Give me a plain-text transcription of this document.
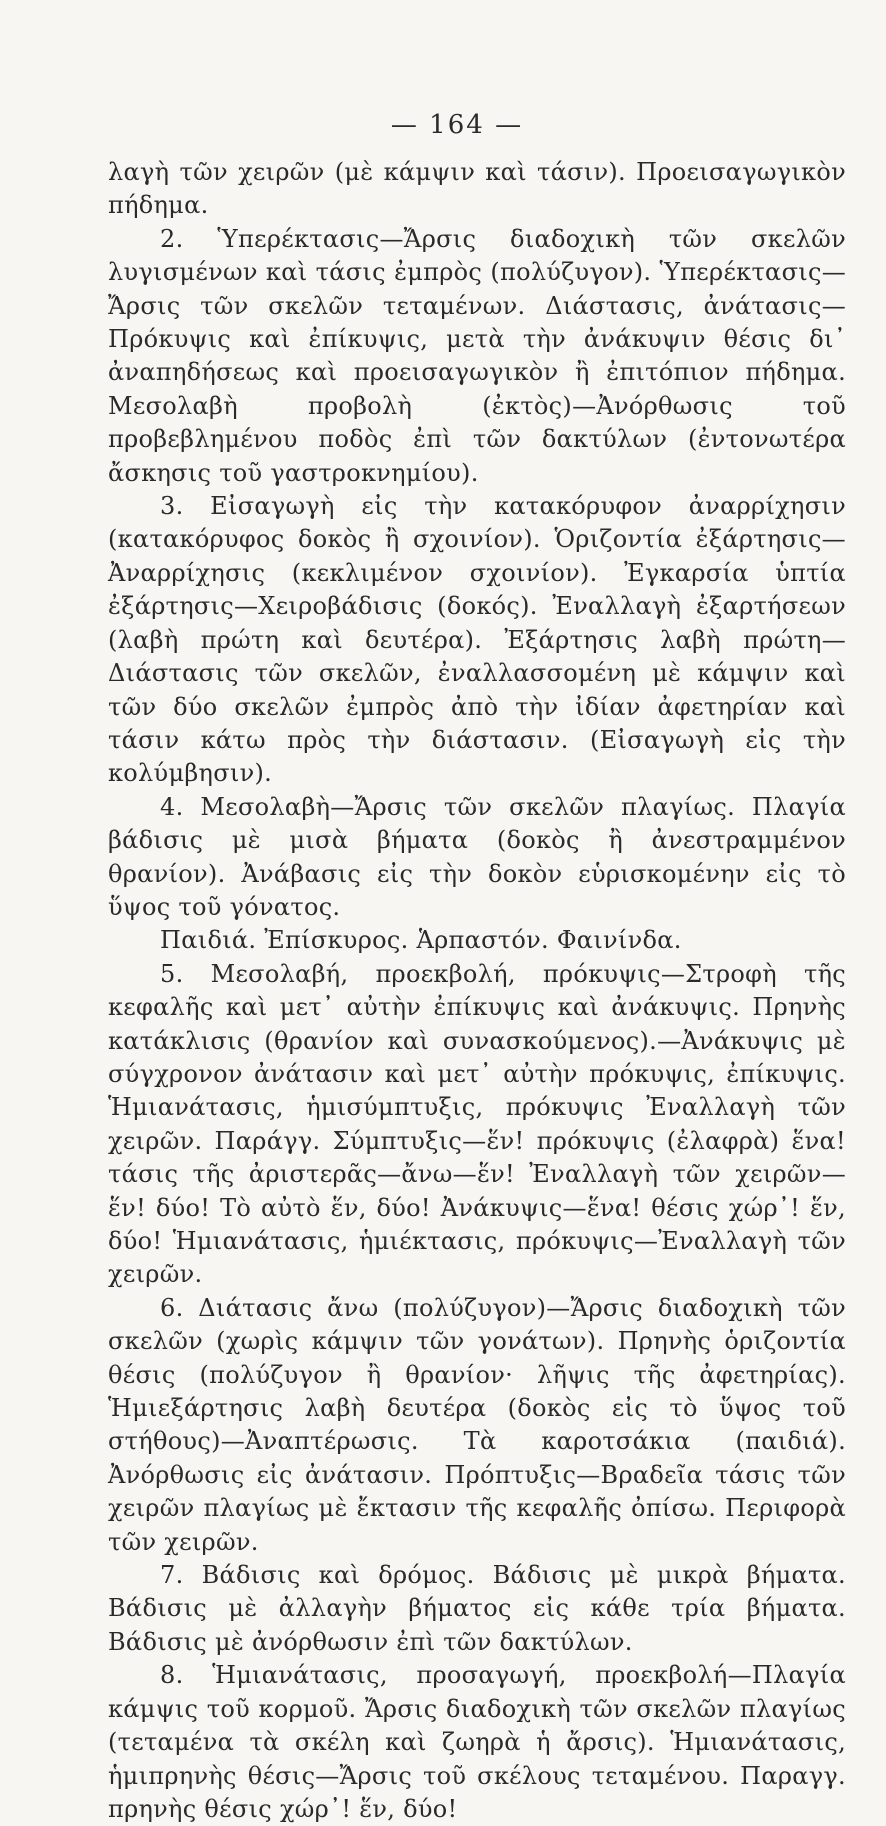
— 164 —

λαγὴ τῶν χειρῶν (μὲ κάμψιν καὶ τάσιν). Προεισαγωγικὸν πήδημα.

2. Ὑπερέκτασις—Ἄρσις διαδοχικὴ τῶν σκελῶν λυγισμένων καὶ τάσις ἐμπρὸς (πολύζυγον). Ὑπερέκτασις—Ἄρσις τῶν σκελῶν τεταμένων. Διάστασις, ἀνάτασις—Πρόκυψις καὶ ἐπίκυψις, μετὰ τὴν ἀνάκυψιν θέσις δι᾽ ἀναπηδήσεως καὶ προεισαγωγικὸν ἢ ἐπιτόπιον πήδημα. Μεσολαβὴ προβολὴ (ἐκτὸς)—Ἀνόρθωσις τοῦ προβεβλημένου ποδὸς ἐπὶ τῶν δακτύλων (ἐντονωτέρα ἄσκησις τοῦ γαστροκνημίου).

3. Εἰσαγωγὴ εἰς τὴν κατακόρυφον ἀναρρίχησιν (κατακόρυφος δοκὸς ἢ σχοινίον). Ὁριζοντία ἐξάρτησις—Ἀναρρίχησις (κεκλιμένον σχοινίον). Ἐγκαρσία ὑπτία ἐξάρτησις—Χειροβάδισις (δοκός). Ἐναλλαγὴ ἐξαρτήσεων (λαβὴ πρώτη καὶ δευτέρα). Ἐξάρτησις λαβὴ πρώτη—Διάστασις τῶν σκελῶν, ἐναλλασσομένη μὲ κάμψιν καὶ τῶν δύο σκελῶν ἐμπρὸς ἀπὸ τὴν ἰδίαν ἀφετηρίαν καὶ τάσιν κάτω πρὸς τὴν διάστασιν. (Εἰσαγωγὴ εἰς τὴν κολύμβησιν).

4. Μεσολαβὴ—Ἄρσις τῶν σκελῶν πλαγίως. Πλαγία βάδισις μὲ μισὰ βήματα (δοκὸς ἢ ἀνεστραμμένον θρανίον). Ἀνάβασις εἰς τὴν δοκὸν εὑρισκομένην εἰς τὸ ὕψος τοῦ γόνατος.

Παιδιά. Ἐπίσκυρος. Ἁρπαστόν. Φαινίνδα.

5. Μεσολαβή, προεκβολή, πρόκυψις—Στροφὴ τῆς κεφαλῆς καὶ μετ᾽ αὐτὴν ἐπίκυψις καὶ ἀνάκυψις. Πρηνὴς κατάκλισις (θρανίον καὶ συνασκούμενος).—Ἀνάκυψις μὲ σύγχρονον ἀνάτασιν καὶ μετ᾽ αὐτὴν πρόκυψις, ἐπίκυψις. Ἡμιανάτασις, ἡμισύμπτυξις, πρόκυψις Ἐναλλαγὴ τῶν χειρῶν. Παράγγ. Σύμπτυξις—ἕν! πρόκυψις (ἐλαφρὰ) ἕνα! τάσις τῆς ἀριστερᾶς—ἄνω—ἕν! Ἐναλλαγὴ τῶν χειρῶν—ἕν! δύο! Τὸ αὐτὸ ἕν, δύο! Ἀνάκυψις—ἕνα! θέσις χώρ᾽! ἕν, δύο! Ἡμιανάτασις, ἡμιέκτασις, πρόκυψις—Ἐναλλαγὴ τῶν χειρῶν.

6. Διάτασις ἄνω (πολύζυγον)—Ἄρσις διαδοχικὴ τῶν σκελῶν (χωρὶς κάμψιν τῶν γονάτων). Πρηνὴς ὁριζοντία θέσις (πολύζυγον ἢ θρανίον· λῆψις τῆς ἀφετηρίας). Ἡμιεξάρτησις λαβὴ δευτέρα (δοκὸς εἰς τὸ ὕψος τοῦ στήθους)—Ἀναπτέρωσις. Τὰ καροτσάκια (παιδιά). Ἀνόρθωσις εἰς ἀνάτασιν. Πρόπτυξις—Βραδεῖα τάσις τῶν χειρῶν πλαγίως μὲ ἔκτασιν τῆς κεφαλῆς ὀπίσω. Περιφορὰ τῶν χειρῶν.

7. Βάδισις καὶ δρόμος. Βάδισις μὲ μικρὰ βήματα. Βάδισις μὲ ἀλλαγὴν βήματος εἰς κάθε τρία βήματα. Βάδισις μὲ ἀνόρθωσιν ἐπὶ τῶν δακτύλων.

8. Ἡμιανάτασις, προσαγωγή, προεκβολή—Πλαγία κάμψις τοῦ κορμοῦ. Ἄρσις διαδοχικὴ τῶν σκελῶν πλαγίως (τεταμένα τὰ σκέλη καὶ ζωηρὰ ἡ ἄρσις). Ἡμιανάτασις, ἡμιπρηνὴς θέσις—Ἄρσις τοῦ σκέλους τεταμένου. Παραγγ. πρηνὴς θέσις χώρ᾽! ἕν, δύο!
